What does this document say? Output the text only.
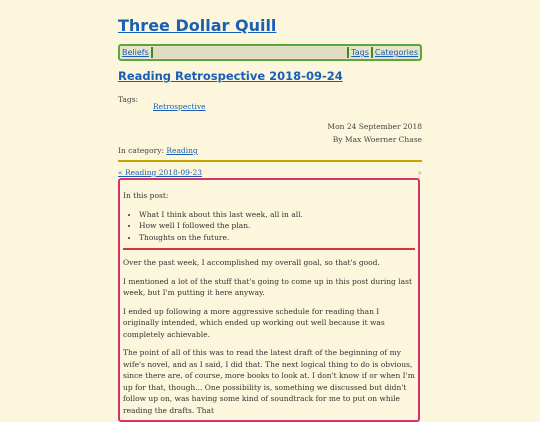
Three Dollar Quill
Beliefs	Tags Categories
Reading Retrospective 2018-09-24
Tags:
Retrospective
Mon 24 September 2018
By Max Woerner Chase
In category: Reading
« Reading 2018-09-23	»

In this post:

• What I think about this last week, all in all.
• How well I followed the plan.
• Thoughts on the future.

Over the past week, I accomplished my overall goal, so that's good.

I mentioned a lot of the stuff that's going to come up in this post during last week, but I'm putting it here anyway.

I ended up following a more aggressive schedule for reading than I originally intended, which ended up working out well because it was completely achievable.

The point of all of this was to read the latest draft of the beginning of my wife's novel, and as I said, I did that. The next logical thing to do is obvious, since there are, of course, more books to look at. I don't know if or when I'm up for that, though... One possibility is, something we discussed but didn't follow up on, was having some kind of soundtrack for me to put on while reading the drafts. That
